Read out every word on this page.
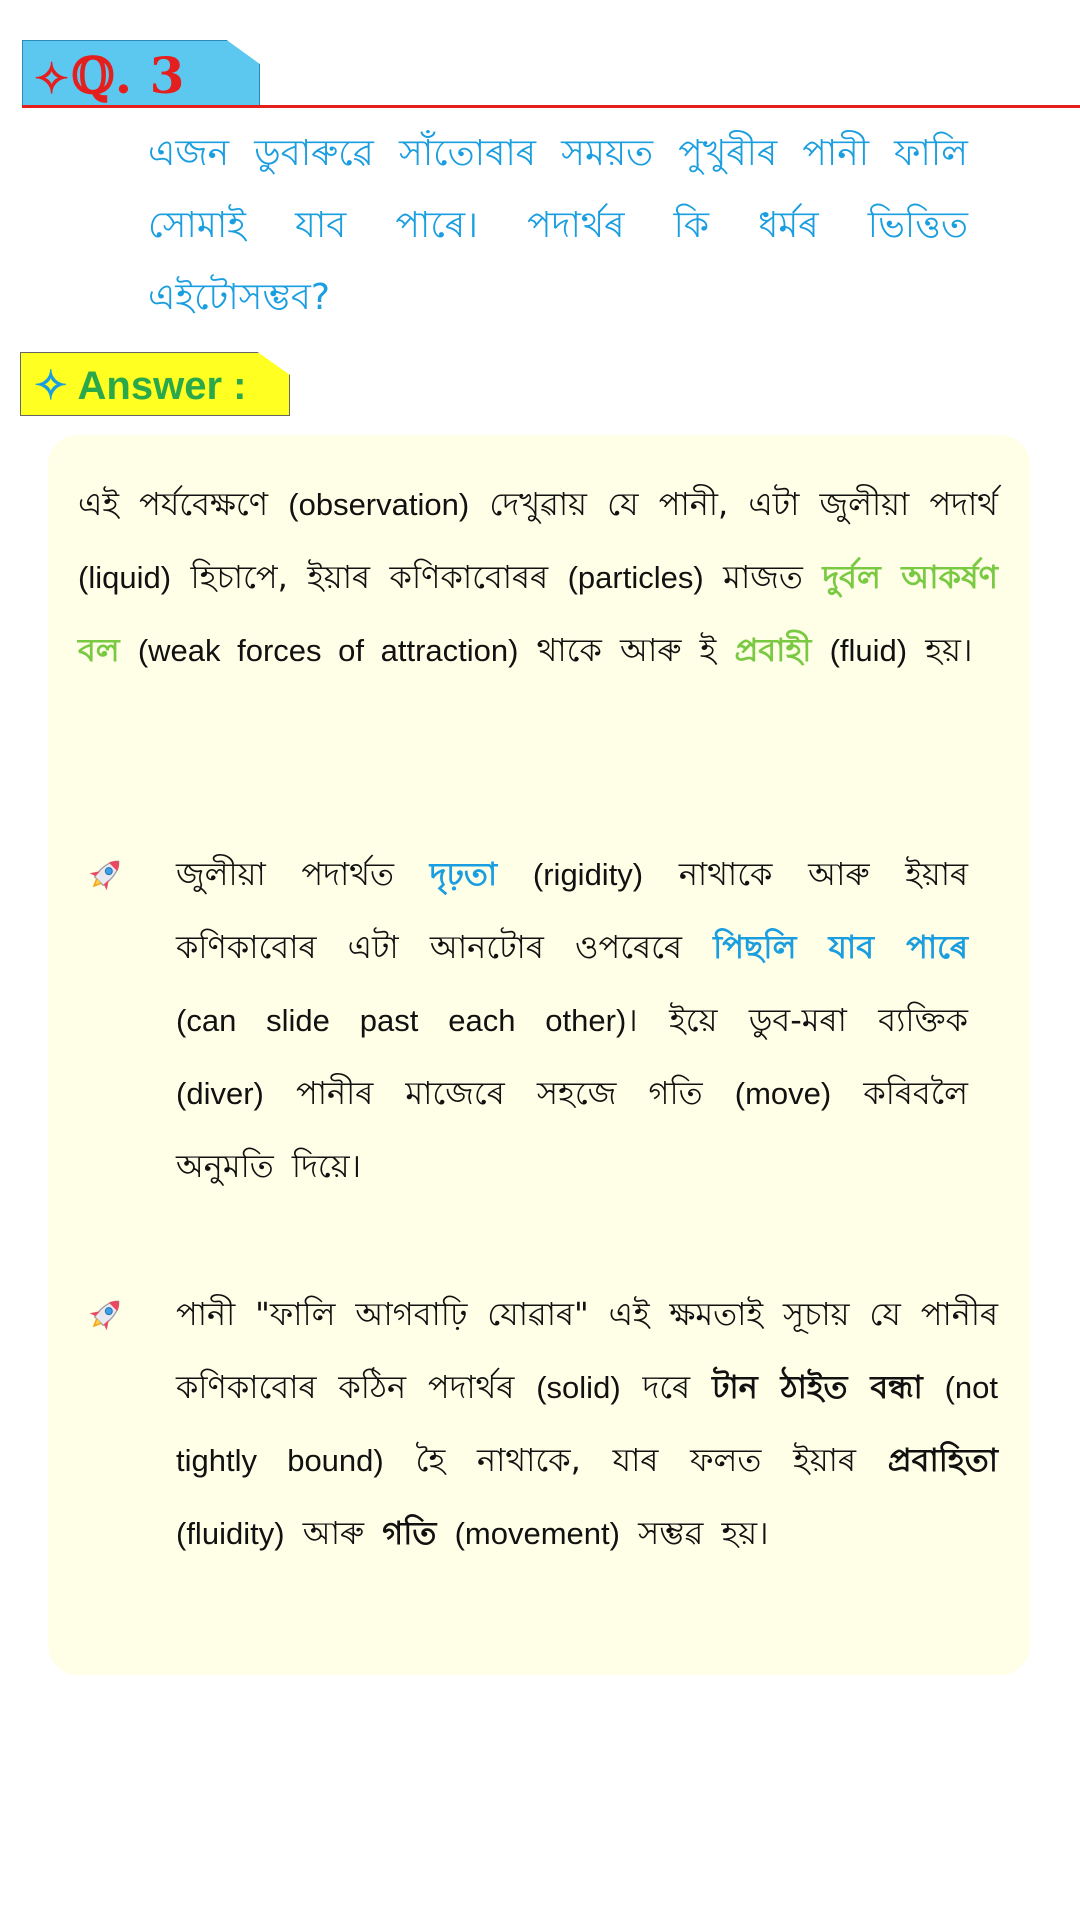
✧ℚ. 3
এজন ডুবাৰুৱে সাঁতোৰাৰ সময়ত পুখুৰীৰ পানী ফালি সোমাই যাব পাৰে। পদাৰ্থৰ কি ধৰ্মৰ ভিত্তিত এইটোসম্ভব?
✧ Answer :
এই পৰ্যবেক্ষণে (observation) দেখুৱায় যে পানী, এটা জুলীয়া পদাৰ্থ (liquid) হিচাপে, ইয়াৰ কণিকাবোৰৰ (particles) মাজত দুৰ্বল আকৰ্ষণ বল (weak forces of attraction) থাকে আৰু ই প্ৰবাহী (fluid) হয়।
জুলীয়া পদাৰ্থত দৃঢ়তা (rigidity) নাথাকে আৰু ইয়াৰ কণিকাবোৰ এটা আনটোৰ ওপৰেৰে পিছলি যাব পাৰে (can slide past each other)। ইয়ে ডুব-মৰা ব্যক্তিক (diver) পানীৰ মাজেৰে সহজে গতি (move) কৰিবলৈ অনুমতি দিয়ে।
পানী "ফালি আগবাঢ়ি যোৱাৰ" এই ক্ষমতাই সূচায় যে পানীৰ কণিকাবোৰ কঠিন পদাৰ্থৰ (solid) দৰে টান ঠাইত বন্ধা (not tightly bound) হৈ নাথাকে, যাৰ ফলত ইয়াৰ প্ৰবাহিতা (fluidity) আৰু গতি (movement) সম্ভৱ হয়।
